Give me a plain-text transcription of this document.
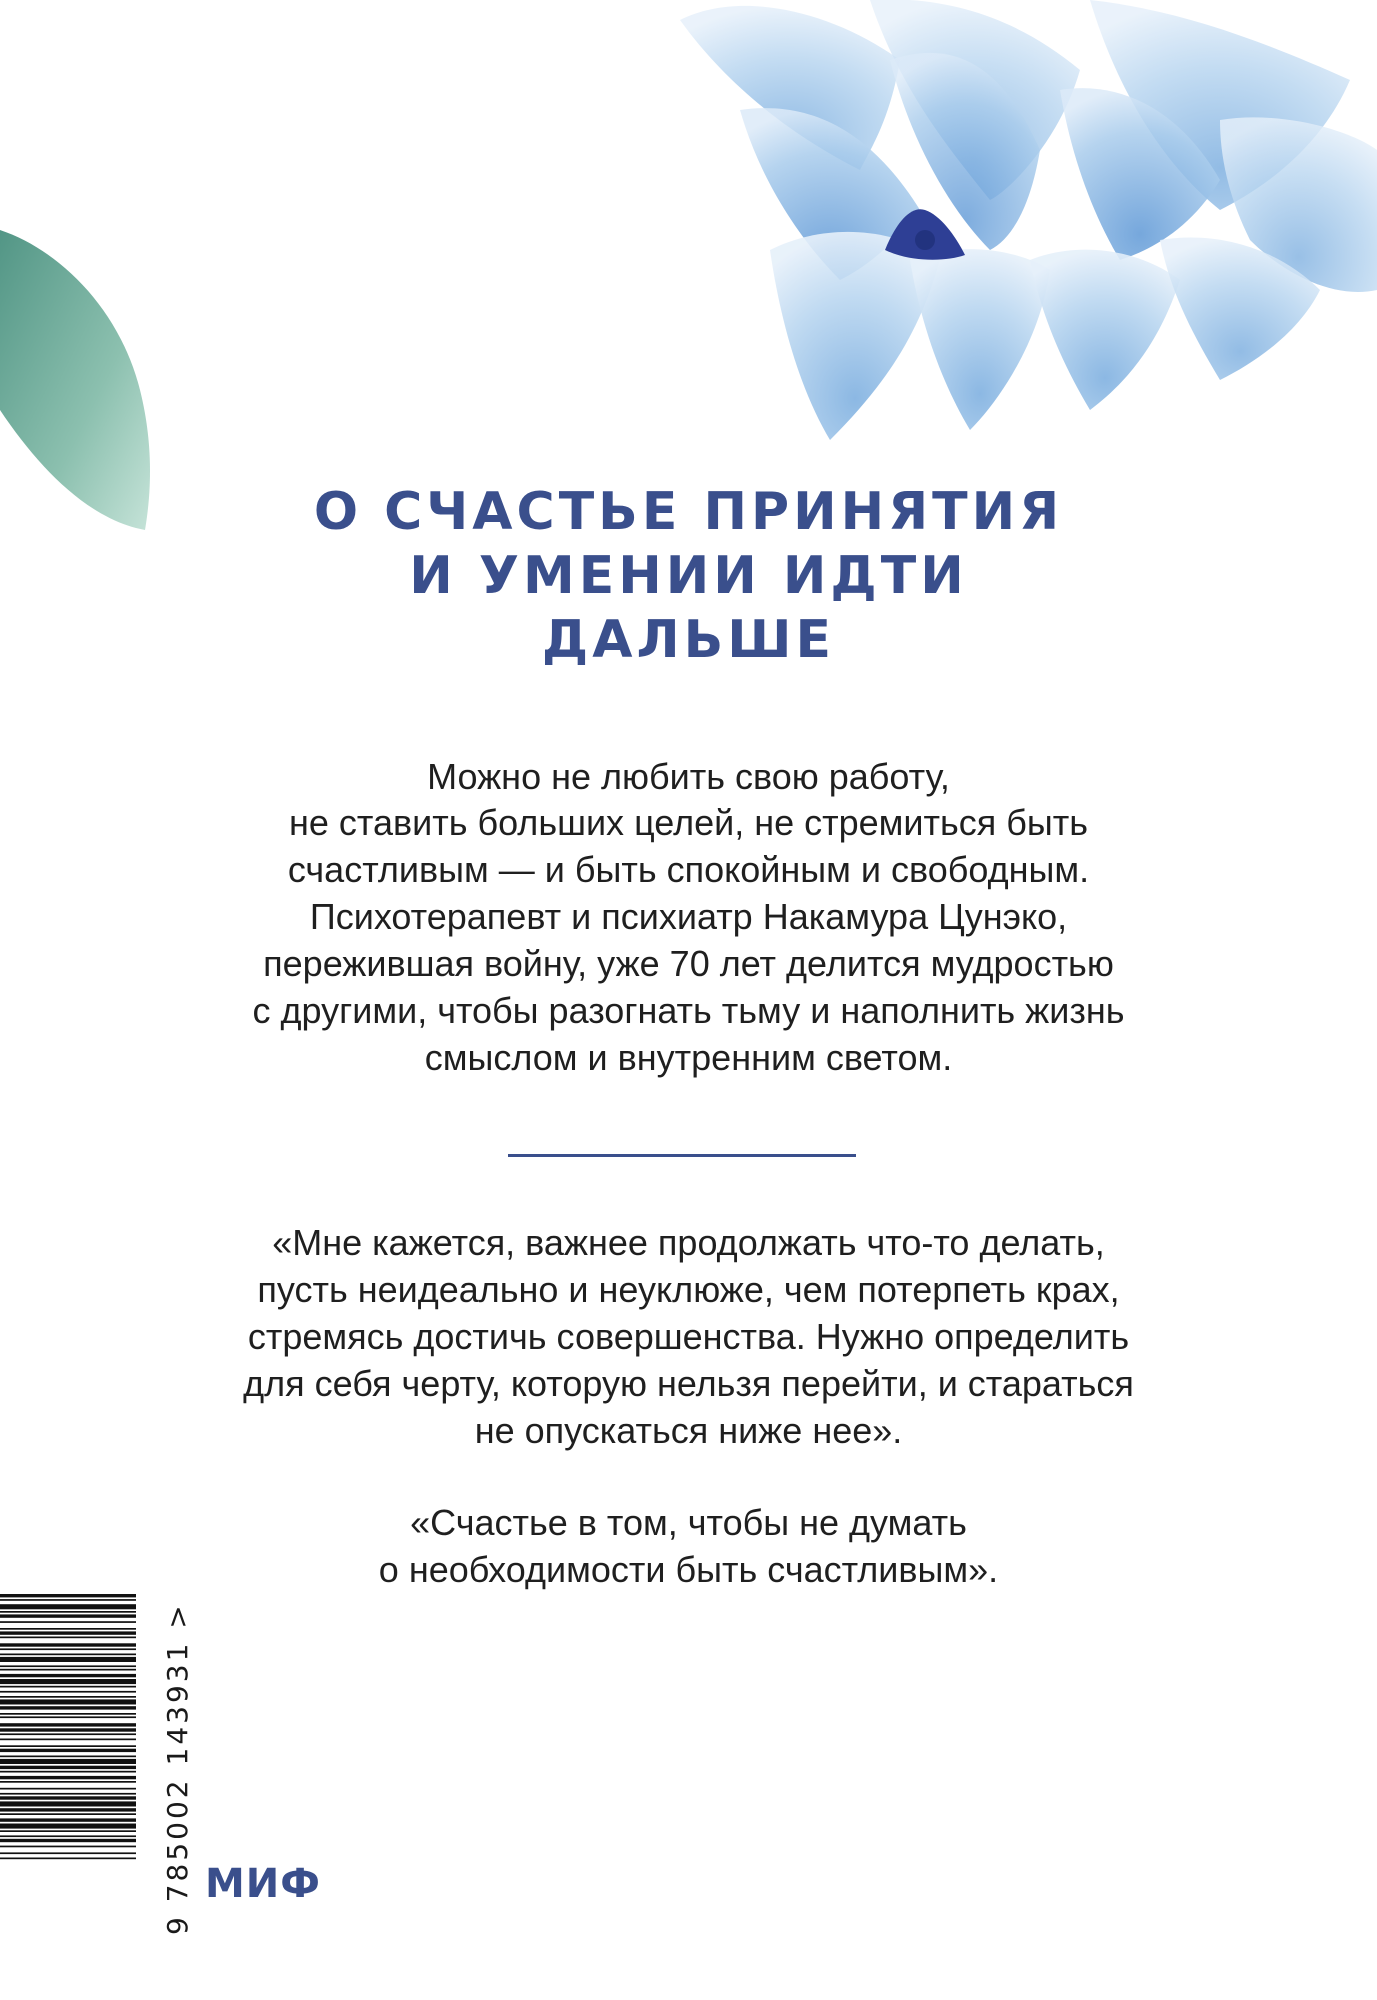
О СЧАСТЬЕ ПРИНЯТИЯ
И УМЕНИИ ИДТИ
ДАЛЬШЕ

Можно не любить свою работу,

не ставить больших целей, не стремиться быть

счастливым — и быть спокойным и свободным.

Психотерапевт и психиатр Накамура Цунэко,

пережившая войну, уже 70 лет делится мудростью

с другими, чтобы разогнать тьму и наполнить жизнь

смыслом и внутренним светом.

«Мне кажется, важнее продолжать что-то делать,

пусть неидеально и неуклюже, чем потерпеть крах,

стремясь достичь совершенства. Нужно определить

для себя черту, которую нельзя перейти, и стараться

не опускаться ниже нее».

«Счастье в том, чтобы не думать

о необходимости быть счастливым».

9 785002 143931 > МИФ
